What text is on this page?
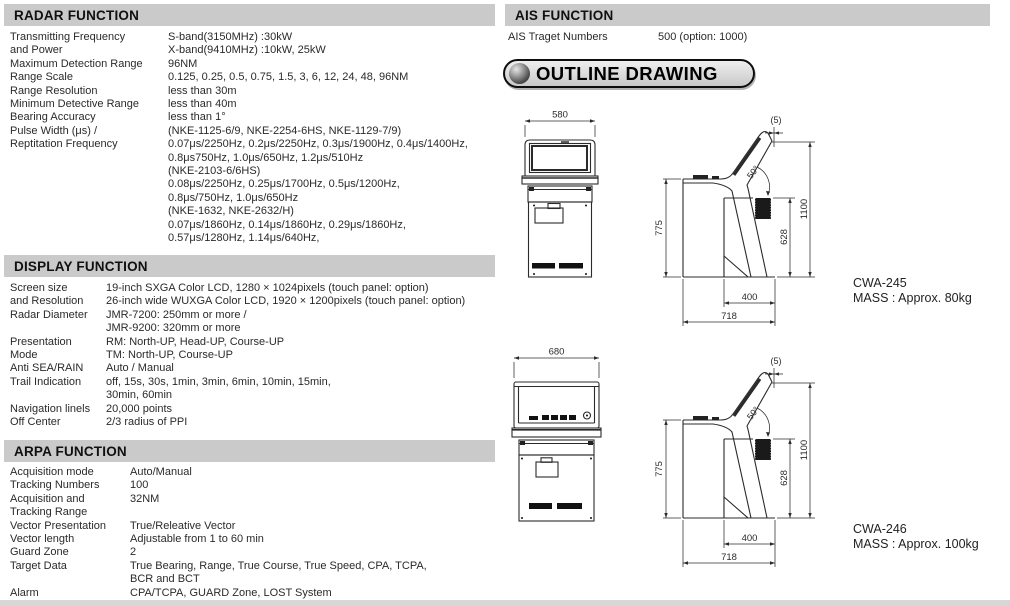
RADAR FUNCTION
Transmitting Frequency	S-band(3150MHz) :30kW
and Power	X-band(9410MHz) :10kW, 25kW
Maximum Detection Range	96NM
Range Scale	0.125, 0.25, 0.5, 0.75, 1.5, 3, 6, 12, 24, 48, 96NM
Range Resolution	less than 30m
Minimum Detective Range	less than 40m
Bearing Accuracy	less than 1°
Pulse Width (μs) /	(NKE-1125-6/9, NKE-2254-6HS, NKE-1129-7/9)
Reptitation Frequency	0.07μs/2250Hz, 0.2μs/2250Hz, 0.3μs/1900Hz, 0.4μs/1400Hz,
0.8μs750Hz, 1.0μs/650Hz, 1.2μs/510Hz
(NKE-2103-6/6HS)
0.08μs/2250Hz, 0.25μs/1700Hz, 0.5μs/1200Hz,
0.8μs/750Hz, 1.0μs/650Hz
(NKE-1632, NKE-2632/H)
0.07μs/1860Hz, 0.14μs/1860Hz, 0.29μs/1860Hz,
0.57μs/1280Hz, 1.14μs/640Hz,
DISPLAY FUNCTION
Screen size	19-inch SXGA Color LCD, 1280 × 1024pixels (touch panel: option)
and Resolution	26-inch wide WUXGA Color LCD, 1920 × 1200pixels (touch panel: option)
Radar Diameter	JMR-7200: 250mm or more /
JMR-9200: 320mm or more
Presentation	RM: North-UP, Head-UP, Course-UP
Mode	TM: North-UP, Course-UP
Anti SEA/RAIN	Auto / Manual
Trail Indication	off, 15s, 30s, 1min, 3min, 6min, 10min, 15min,
30min, 60min
Navigation linels	20,000 points
Off Center	2/3 radius of PPI
ARPA FUNCTION
Acquisition mode	Auto/Manual
Tracking Numbers	100
Acquisition and	32NM
Tracking Range
Vector Presentation	True/Releative Vector
Vector length	Adjustable from 1 to 60 min
Guard Zone	2
Target Data	True Bearing, Range, True Course, True Speed, CPA, TCPA,
BCR and BCT
Alarm	CPA/TCPA, GUARD Zone, LOST System
AIS FUNCTION
AIS Traget Numbers	500 (option: 1000)
OUTLINE DRAWING
580
775
(5)
50°
1100
628
400
718
680
CWA-245
MASS : Approx. 80kg
CWA-246
MASS : Approx. 100kg
